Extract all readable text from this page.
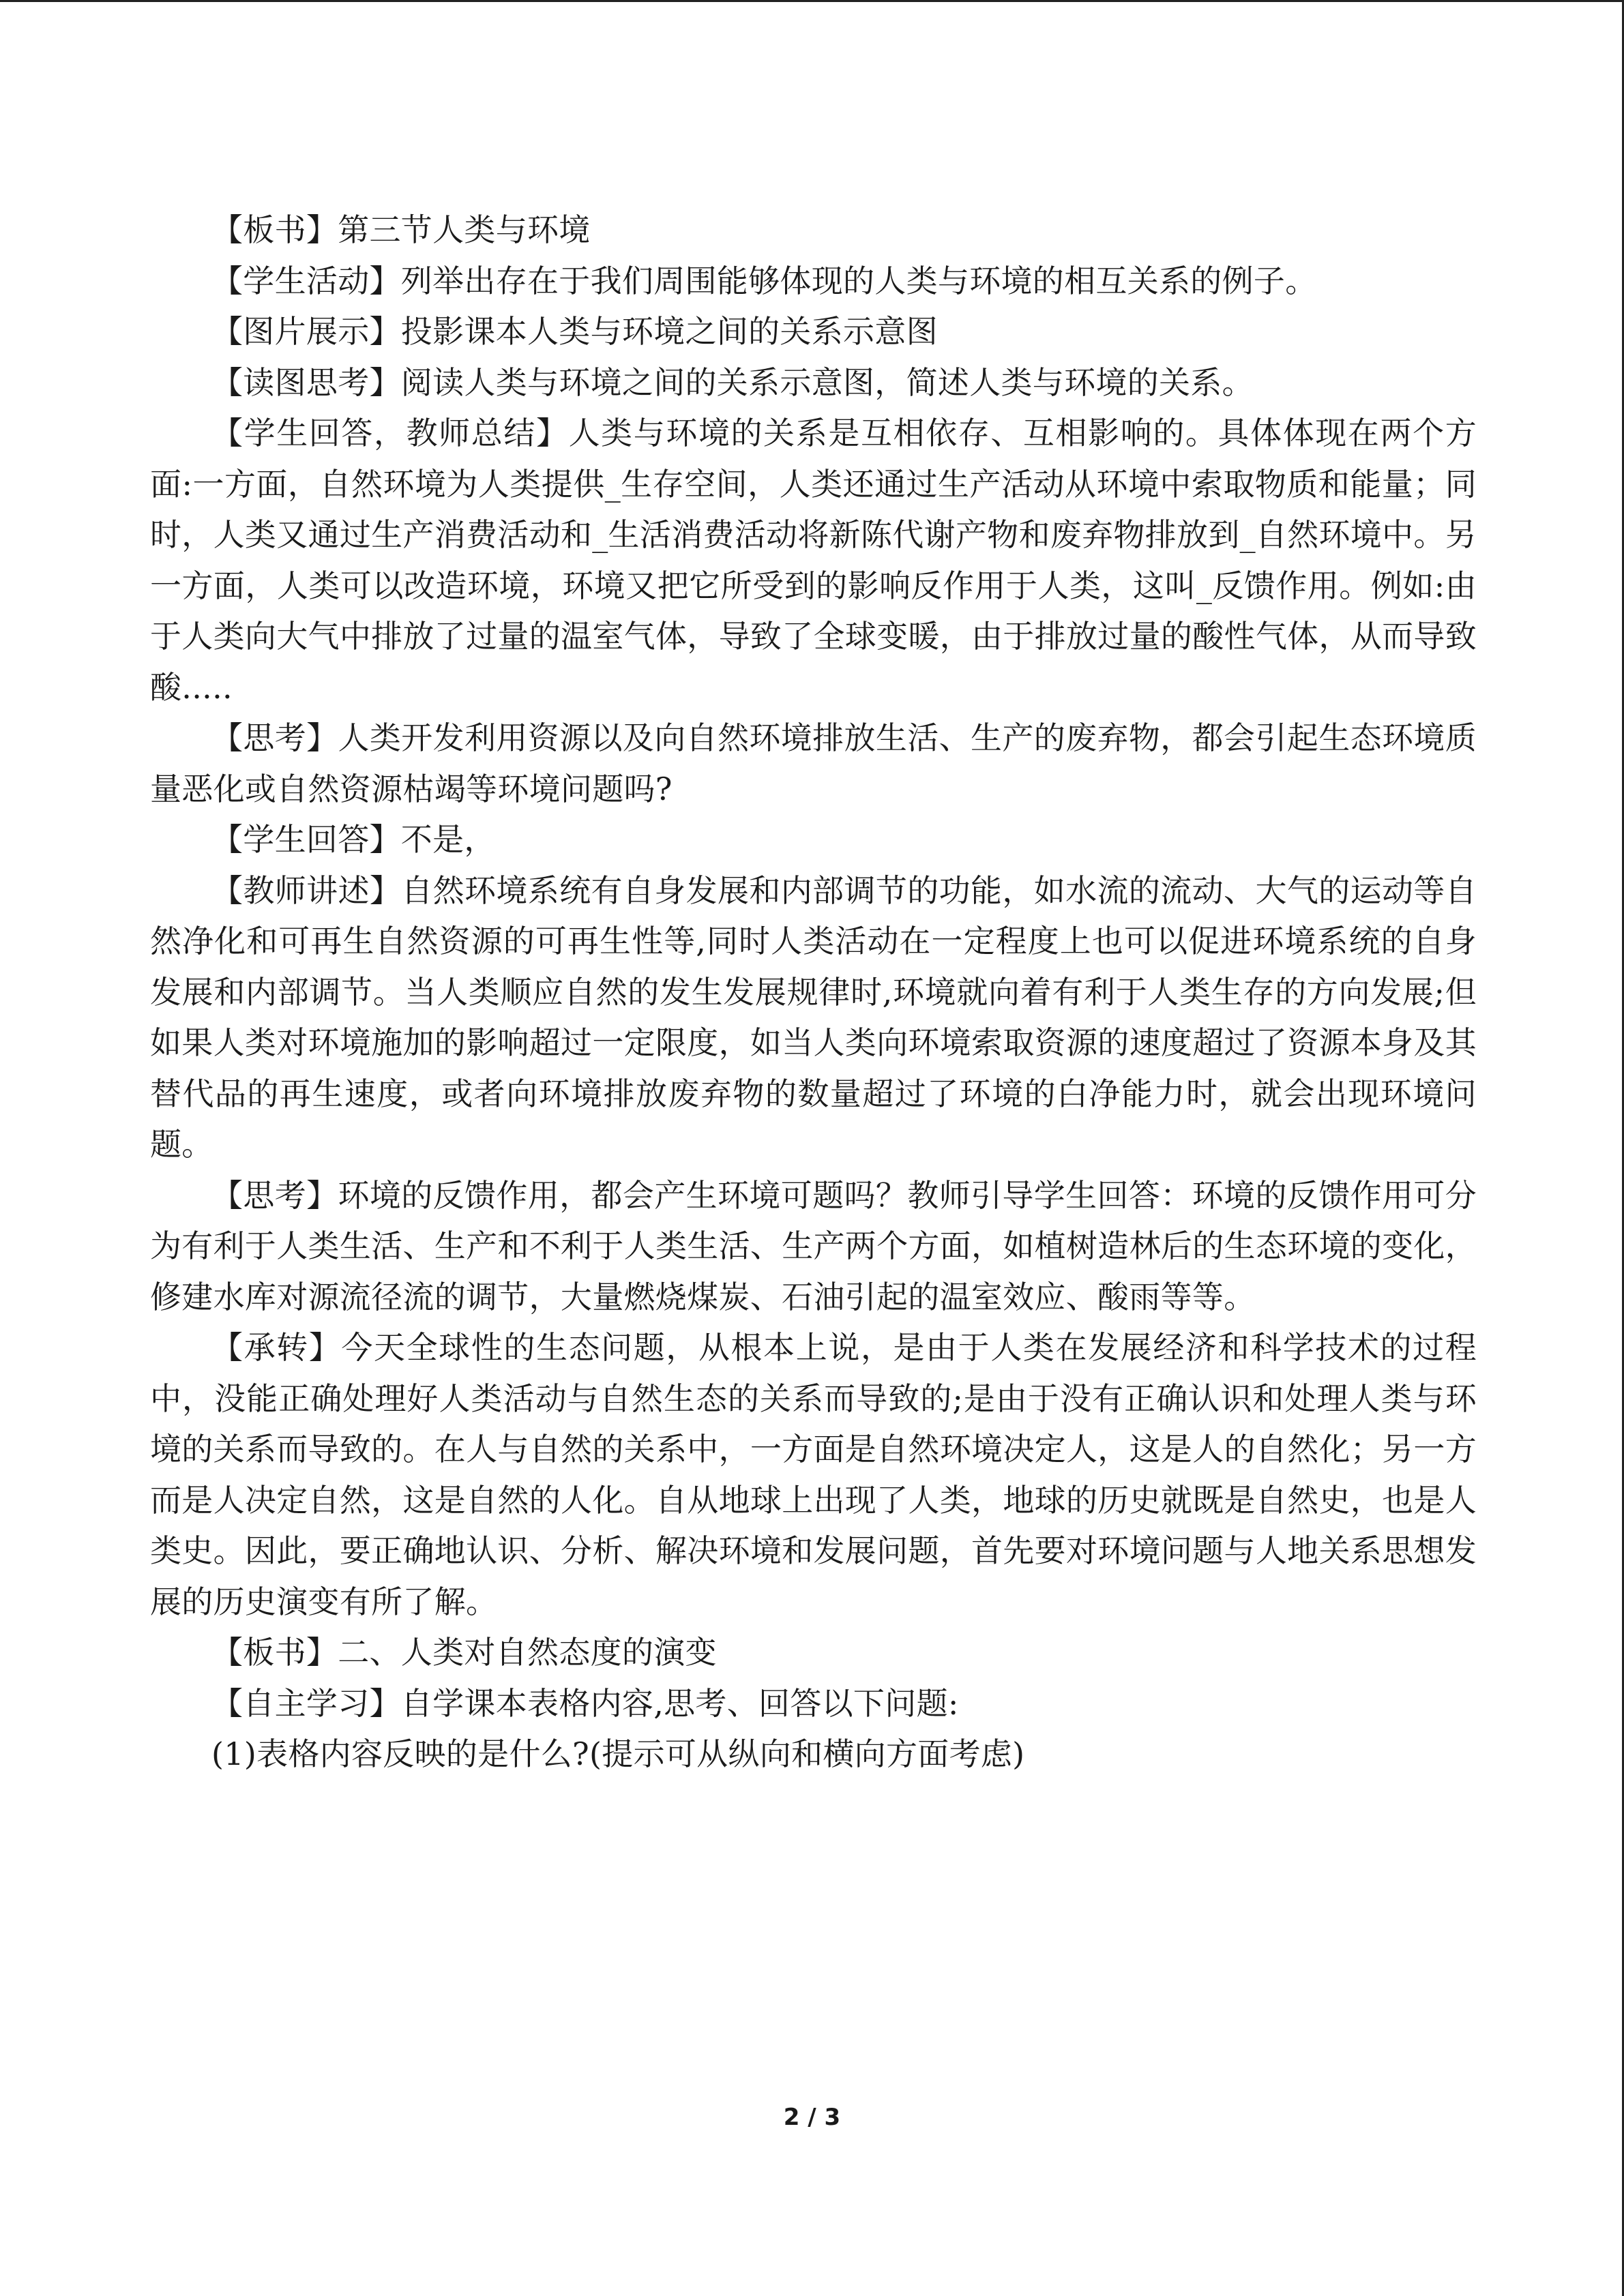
【板书】第三节人类与环境

【学生活动】列举出存在于我们周围能够体现的人类与环境的相互关系的例子。

【图片展示】投影课本人类与环境之间的关系示意图

【读图思考】阅读人类与环境之间的关系示意图，简述人类与环境的关系。

【学生回答，教师总结】人类与环境的关系是互相依存、互相影响的。具体体现在两个方面:一方面，自然环境为人类提供_生存空间，人类还通过生产活动从环境中索取物质和能量；同时，人类又通过生产消费活动和_生活消费活动将新陈代谢产物和废弃物排放到_自然环境中。另一方面，人类可以改造环境，环境又把它所受到的影响反作用于人类，这叫_反馈作用。例如:由于人类向大气中排放了过量的温室气体，导致了全球变暖，由于排放过量的酸性气体，从而导致酸.....

【思考】人类开发利用资源以及向自然环境排放生活、生产的废弃物，都会引起生态环境质量恶化或自然资源枯竭等环境问题吗?

【学生回答】不是，

【教师讲述】自然环境系统有自身发展和内部调节的功能，如水流的流动、大气的运动等自然净化和可再生自然资源的可再生性等,同时人类活动在一定程度上也可以促进环境系统的自身发展和内部调节。当人类顺应自然的发生发展规律时,环境就向着有利于人类生存的方向发展;但如果人类对环境施加的影响超过一定限度，如当人类向环境索取资源的速度超过了资源本身及其替代品的再生速度，或者向环境排放废弃物的数量超过了环境的白净能力时，就会出现环境问题。

【思考】环境的反馈作用，都会产生环境可题吗？教师引导学生回答：环境的反馈作用可分为有利于人类生活、生产和不利于人类生活、生产两个方面，如植树造林后的生态环境的变化，修建水库对源流径流的调节，大量燃烧煤炭、石油引起的温室效应、酸雨等等。

【承转】今天全球性的生态问题，从根本上说，是由于人类在发展经济和科学技术的过程中，没能正确处理好人类活动与自然生态的关系而导致的;是由于没有正确认识和处理人类与环境的关系而导致的。在人与自然的关系中，一方面是自然环境决定人，这是人的自然化；另一方而是人决定自然，这是自然的人化。自从地球上出现了人类，地球的历史就既是自然史，也是人类史。因此，要正确地认识、分析、解决环境和发展问题，首先要对环境问题与人地关系思想发展的历史演变有所了解。

【板书】二、人类对自然态度的演变

【自主学习】自学课本表格内容,思考、回答以下问题:

(1)表格内容反映的是什么?(提示可从纵向和横向方面考虑)

2 / 3
